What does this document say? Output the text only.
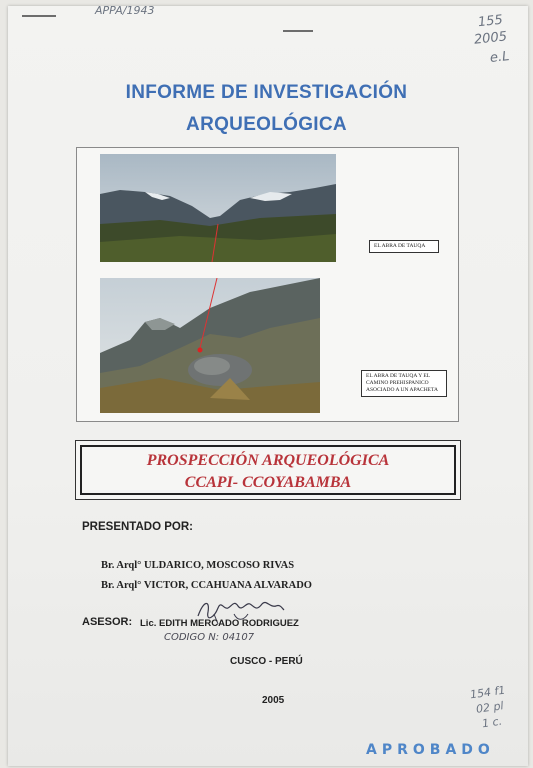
APPA/1943
155
2005
e.L
INFORME DE INVESTIGACIÓN
ARQUEOLÓGICA
EL ABRA DE TAUQA
EL ABRA DE TAUQA Y EL CAMINO PREHISPANICO ASOCIADO A UN APACHETA
PROSPECCIÓN ARQUEOLÓGICA
CCAPI- CCOYABAMBA
PRESENTADO POR:
Br. Arql° ULDARICO, MOSCOSO RIVAS
Br. Arql° VICTOR, CCAHUANA ALVARADO
ASESOR: Lic. EDITH MERCADO RODRIGUEZ
CODIGO N: 04107
CUSCO - PERÚ
2005	154 f1
02 pl
1 c.
APROBADO
